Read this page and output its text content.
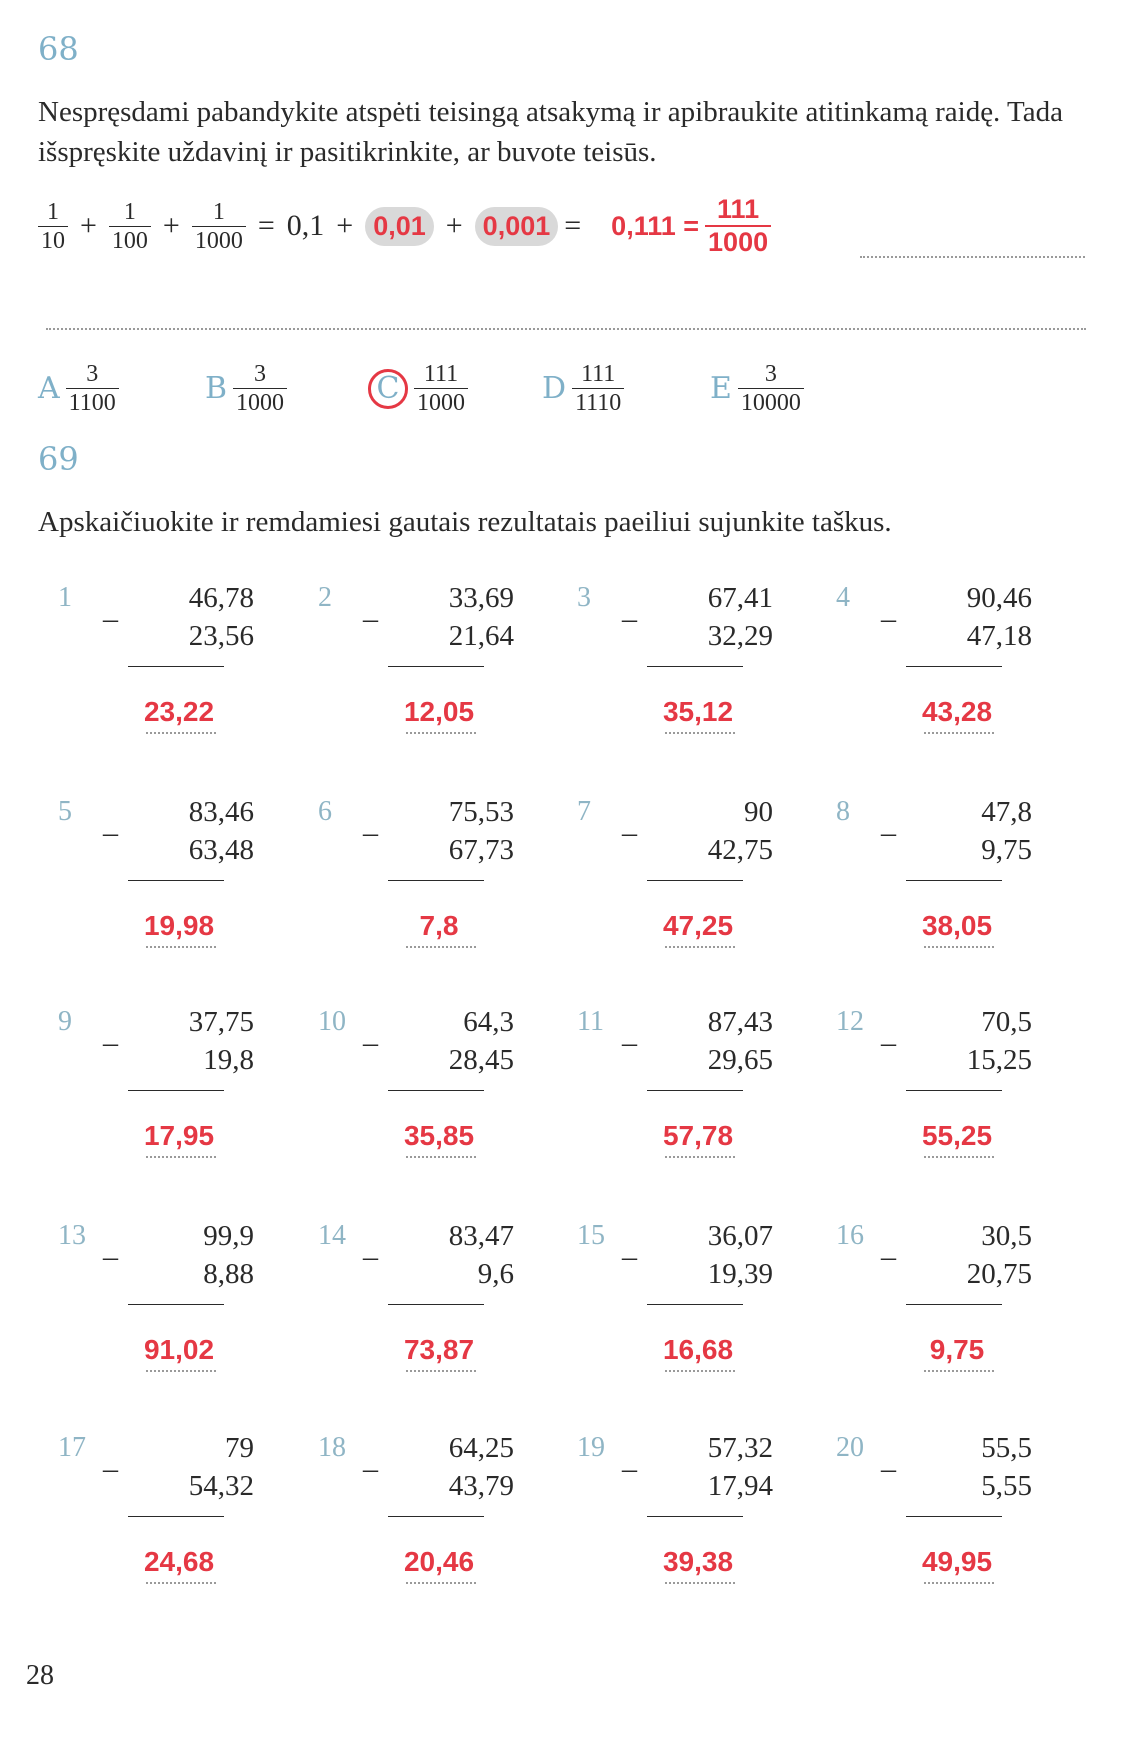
68
Nespręsdami pabandykite atspėti teisingą atsakymą ir apibraukite atitinkamą raidę. Tada išspręskite uždavinį ir pasitikrinkite, ar buvote teisūs.
$\frac{1}{10} + \frac{1}{100} + \frac{1}{1000} = 0,1 + 0,01 + 0,001 = 0,111 = \frac{111}{1000}$
A $\frac{3}{1100}$	B $\frac{3}{1000}$	C $\frac{111}{1000}$ D $\frac{111}{1110}$	E $\frac{3}{10000}$
69
Apskaičiuokite ir remdamiesi gautais rezultatais paeiliui sujunkite taškus.
1 _ 46,78
23,56
23,22
2 _ 33,69
21,64
12,05
3 _ 67,41
32,29
35,12
4 _ 90,46
47,18
43,28
5 _ 83,46
63,48
19,98
6 _ 75,53
67,73
7,8
7 _	90
42,75
47,25
8 _	47,8
9,75
38,05
9 _ 37,75
19,8
17,95
10 _	64,3
28,45
35,85
11 _ 87,43
29,65
57,78
12 _	70,5
15,25
55,25
13 _	99,9
8,88
91,02
14 _ 83,47
9,6
73,87
15 _ 36,07
19,39
16,68
16 _	30,5
20,75
9,75
17 _	79
54,32
24,68
18 _ 64,25
43,79
20,46
19 _ 57,32
17,94
39,38
20 _	55,5
5,55
49,95
28
